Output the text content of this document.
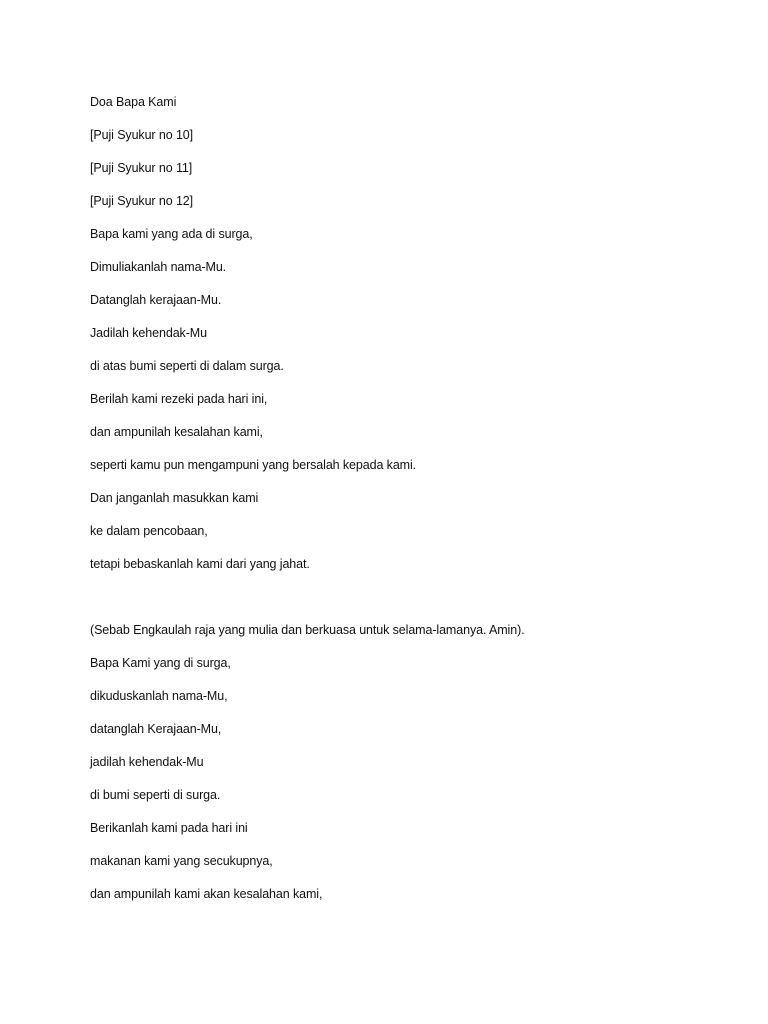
Doa Bapa Kami
[Puji Syukur no 10]
[Puji Syukur no 11]
[Puji Syukur no 12]
Bapa kami yang ada di surga,
Dimuliakanlah nama-Mu.
Datanglah kerajaan-Mu.
Jadilah kehendak-Mu
di atas bumi seperti di dalam surga.
Berilah kami rezeki pada hari ini,
dan ampunilah kesalahan kami,
seperti kamu pun mengampuni yang bersalah kepada kami.
Dan janganlah masukkan kami
ke dalam pencobaan,
tetapi bebaskanlah kami dari yang jahat.
(Sebab Engkaulah raja yang mulia dan berkuasa untuk selama-lamanya. Amin).
Bapa Kami yang di surga,
dikuduskanlah nama-Mu,
datanglah Kerajaan-Mu,
jadilah kehendak-Mu
di bumi seperti di surga.
Berikanlah kami pada hari ini
makanan kami yang secukupnya,
dan ampunilah kami akan kesalahan kami,
